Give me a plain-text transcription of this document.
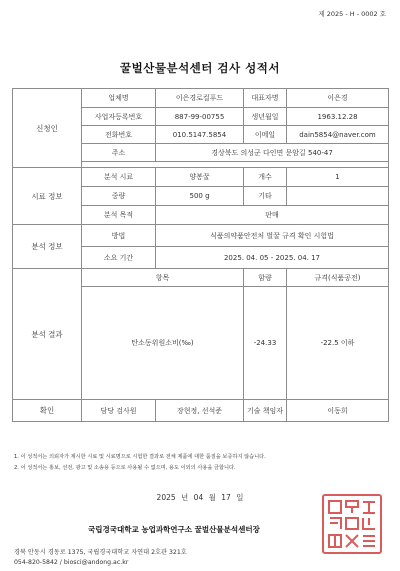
제 2025 - H - 0002 호
꿀벌산물분석센터 검사 성적서
신청인	업체명	이은경로컬푸드	대표자명	이은경
	사업자등록번호	887-99-00755	생년월일	1963.12.28
	전화번호	010.5147.5854	이메일	dain5854@naver.com
	주소	경상북도 의성군 다인면 문암길 540-47		

시료 정보	분석 시료	양봉꿀	개수	1
	중량	500 g	기타	
	분석 목적	판매		
분석 정보	방법	식품의약품안전처 벌꿀 규격 확인 시험법		
	소요 기간	2025. 04. 05 - 2025. 04. 17		
분석 결과	항목		함량	규격(식품공전)
	탄소동위원소비(‰)		-24.33	-22.5 이하
확인	담당 검사원	장현정, 선석준	기술 책임자	이동희
1. 이 성적서는 의뢰자가 제시한 시료 및 시료명으로 시험한 결과로 전체 제품에 대한 품질을 보증하지 않습니다.
2. 이 성적서는 홍보, 선전, 광고 및 소송용 등으로 사용될 수 없으며, 용도 이외의 사용을 금합니다.
2025 년 04 월 17 일
국립경국대학교 농업과학연구소 꿀벌산물분석센터장
경북 안동시 경동로 1375, 국립경국대학교 자연대 2호관 321호
054-820-5842 / biosci@andong.ac.kr
